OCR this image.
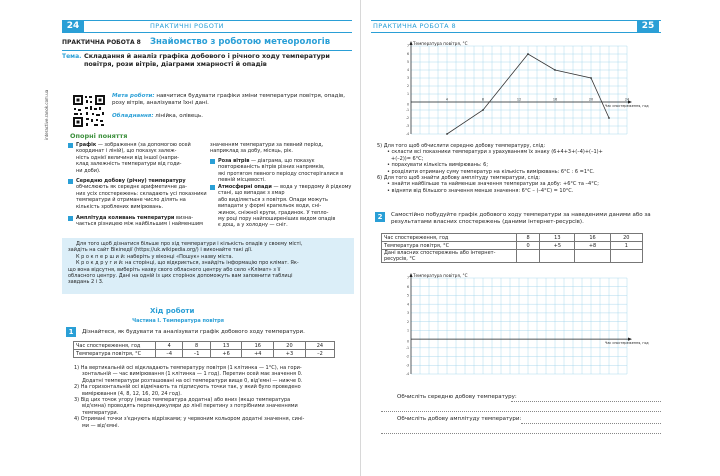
24	ПРАКТИЧНІ РОБОТИ
ПРАКТИЧНА РОБОТА 8 Знайомство з роботою метеорологів
Тема. Складання й аналіз графіка добового і річного ходу температури повітря, рози вітрів, діаграми хмарності й опадів
interactive.ranok.com.ua	Мета роботи: навчитися будувати графіки зміни температури повітря, опадів,
розу вітрів, аналізувати їхні дані.
Обладнання: лінійка, олівець.
Опорні поняття
Графік — зображення (за допомогою осей
координат і ліній), що показує залеж-
ність однієї величини від іншої (напри-
клад залежність температури від годи-
ни доби).
Середню добову (річну) температуру
обчислюють як середнє арифметичне да-
них усіх спостережень: складають усі показники
температури й отримане число ділять на
кількість зроблених вимірювань.
Амплітуда коливань температури визна-
чається різницею між найбільшим і найменшим
значенням температури за певний період,
наприклад за добу, місяць, рік.
Роза вітрів — діаграма, що показує
повторюваність вітрів різних напрямків,
які протягом певного періоду спостерігалися в певній місцевості.
Атмосферні опади — вода у твердому й рідкому стані, що випадає з хмар
або виділяється з повітря. Опади можуть
випадати у формі крапельок води, сні-
жинок, сніжної крупи, градинок. У тепло-
му році пору найпоширеніших видом опадів
є дощ, а у холодну — сніг.
Для того щоб дізнатися більше про хід температури і кількість опадів у своєму місті,
зайдіть на сайт Вікіпедії (https://uk.wikipedia.org/) і виконайте такі дії.
К р о к п е р ш и й: наберіть у віконці «Пошук» назву міста.
К р о к д р у г и й: на сторінці, що відкриється, знайдіть інформацію про клімат. Як-
що вона відсутня, виберіть назву свого обласного центру або село «Клімат» з її
обласного центру. Дані на одній із цих сторінок допоможуть вам заповнити таблиці
завдань 2 і 3.
Хід роботи
Частина І. Температура повітря
1	Дізнайтеся, як будувати та аналізувати графік добового ходу температури.
Час спостереження, год	4	8	13	16	20	24
Температура повітря, °С	–4	–1	+6	+4	+3	–2
1) На вертикальній осі відкладають температуру повітря (1 клітинка — 1°С), на гори-
зонтальній — час вимірювання (1 клітинка — 1 год). Перетин осей має значення 0.
Додатні температури розташовані на осі температури вище 0, від'ємні — нижче 0.
2) На горизонтальній осі відмічають та підписують точки так, у який було проведено
вимірювання (4, 8, 12, 16, 20, 24 год).
3) Від цих точок угору (якщо температура додатна) або вниз (якщо температура
від'ємна) проводять перпендикуляри до лінії перетину з потрібними значеннями
температури.
4) Отримані точки з'єднують відрізками; у червоним кольором додатні значення, сині-
ми — від'ємні.
ПРАКТИЧНА РОБОТА 8	25
-4
-3
-2
-1
1
2
3
4
5
6
7
0
4	8	12	16	20	24
Температура повітря, °С
Час спостереження, год
5) Для того щоб обчислити середню добову температуру, слід:
• скласти всі показники температури з урахуванням їх знаку (6+4+3+(–4)+(–1)+
+(–2))= 6°С;
• порахувати кількість вимірювань: 6;
• розділити отриману суму температур на кількість вимірювань: 6°С : 6 =1°С.
6) Для того щоб знайти добову амплітуду температури, слід:
• знайти найбільше та найменше значення температури за добу: +6°С та –4°С;
• відняти від більшого значення менше значення: 6°С – (–4°С) = 10°С.
2	Самостійно побудуйте графік добового ходу температури за наведеними даними або за
результатами власних спостережень (даними інтернет-ресурсів).
Час спостереження, год	8	13	16	20
Температура повітря, °С	0	+5	+8	1
Дані власних спостережень або інтернет-ресурсів, °С				
-4
-3
-2
-1
1
2
3
4
5
6
7
0
Температура повітря, °С
Час спостереження, год
Обчисліть середню добову температуру:
Обчисліть добову амплітуду температури:
